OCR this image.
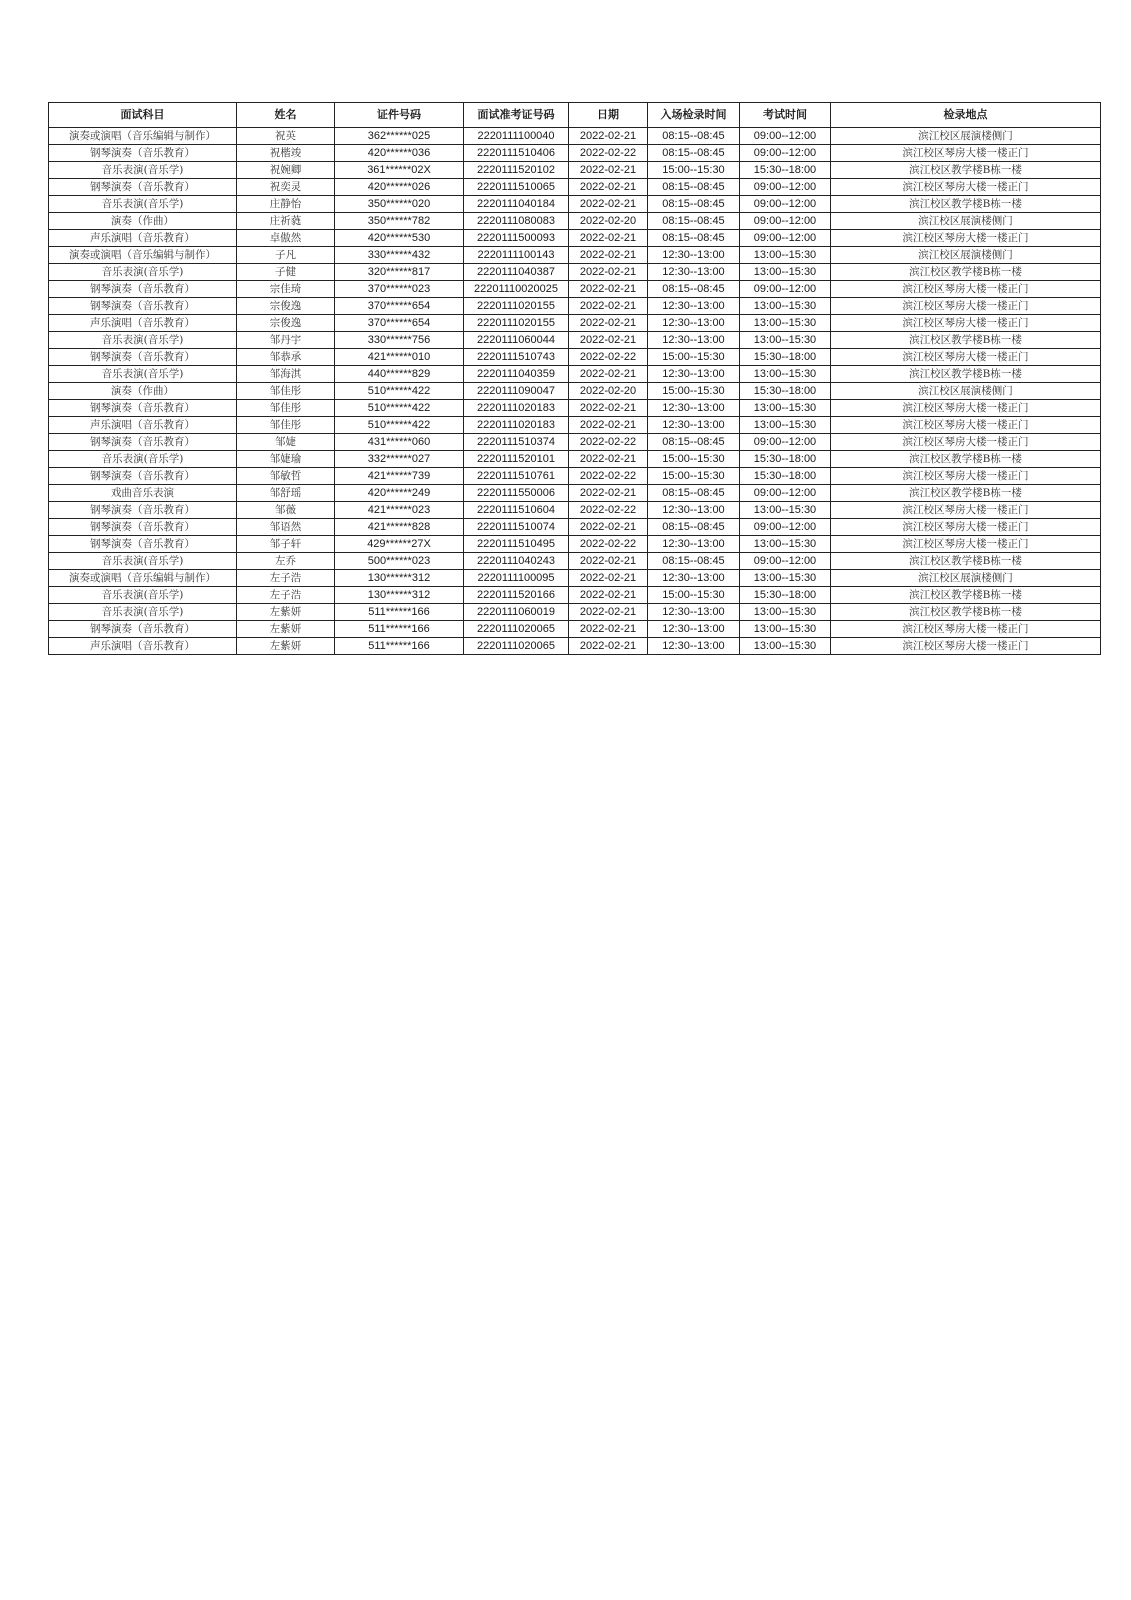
面试科目	姓名	证件号码	面试准考证号码	日期	入场检录时间	考试时间	检录地点
演奏或演唱（音乐编辑与制作）	祝英	362******025	2220111100040	2022-02-21	08:15--08:45	09:00--12:00	滨江校区展演楼侧门
钢琴演奏（音乐教育）	祝楷竣	420******036	2220111510406	2022-02-22	08:15--08:45	09:00--12:00	滨江校区琴房大楼一楼正门
音乐表演(音乐学)	祝婉卿	361******02X	2220111520102	2022-02-21	15:00--15:30	15:30--18:00	滨江校区教学楼B栋一楼
钢琴演奏（音乐教育）	祝奕灵	420******026	2220111510065	2022-02-21	08:15--08:45	09:00--12:00	滨江校区琴房大楼一楼正门
音乐表演(音乐学)	庄静怡	350******020	2220111040184	2022-02-21	08:15--08:45	09:00--12:00	滨江校区教学楼B栋一楼
演奏（作曲）	庄祈蕤	350******782	2220111080083	2022-02-20	08:15--08:45	09:00--12:00	滨江校区展演楼侧门
声乐演唱（音乐教育）	卓傲然	420******530	2220111500093	2022-02-21	08:15--08:45	09:00--12:00	滨江校区琴房大楼一楼正门
演奏或演唱（音乐编辑与制作）	子凡	330******432	2220111100143	2022-02-21	12:30--13:00	13:00--15:30	滨江校区展演楼侧门
音乐表演(音乐学)	子健	320******817	2220111040387	2022-02-21	12:30--13:00	13:00--15:30	滨江校区教学楼B栋一楼
钢琴演奏（音乐教育）	宗佳琦	370******023	22201110020025	2022-02-21	08:15--08:45	09:00--12:00	滨江校区琴房大楼一楼正门
钢琴演奏（音乐教育）	宗俊逸	370******654	2220111020155	2022-02-21	12:30--13:00	13:00--15:30	滨江校区琴房大楼一楼正门
声乐演唱（音乐教育）	宗俊逸	370******654	2220111020155	2022-02-21	12:30--13:00	13:00--15:30	滨江校区琴房大楼一楼正门
音乐表演(音乐学)	邹丹宇	330******756	2220111060044	2022-02-21	12:30--13:00	13:00--15:30	滨江校区教学楼B栋一楼
钢琴演奏（音乐教育）	邹恭承	421******010	2220111510743	2022-02-22	15:00--15:30	15:30--18:00	滨江校区琴房大楼一楼正门
音乐表演(音乐学)	邹海淇	440******829	2220111040359	2022-02-21	12:30--13:00	13:00--15:30	滨江校区教学楼B栋一楼
演奏（作曲）	邹佳彤	510******422	2220111090047	2022-02-20	15:00--15:30	15:30--18:00	滨江校区展演楼侧门
钢琴演奏（音乐教育）	邹佳彤	510******422	2220111020183	2022-02-21	12:30--13:00	13:00--15:30	滨江校区琴房大楼一楼正门
声乐演唱（音乐教育）	邹佳彤	510******422	2220111020183	2022-02-21	12:30--13:00	13:00--15:30	滨江校区琴房大楼一楼正门
钢琴演奏（音乐教育）	邹婕	431******060	2220111510374	2022-02-22	08:15--08:45	09:00--12:00	滨江校区琴房大楼一楼正门
音乐表演(音乐学)	邹婕瑜	332******027	2220111520101	2022-02-21	15:00--15:30	15:30--18:00	滨江校区教学楼B栋一楼
钢琴演奏（音乐教育）	邹敏哲	421******739	2220111510761	2022-02-22	15:00--15:30	15:30--18:00	滨江校区琴房大楼一楼正门
戏曲音乐表演	邹舒瑶	420******249	2220111550006	2022-02-21	08:15--08:45	09:00--12:00	滨江校区教学楼B栋一楼
钢琴演奏（音乐教育）	邹薇	421******023	2220111510604	2022-02-22	12:30--13:00	13:00--15:30	滨江校区琴房大楼一楼正门
钢琴演奏（音乐教育）	邹语然	421******828	2220111510074	2022-02-21	08:15--08:45	09:00--12:00	滨江校区琴房大楼一楼正门
钢琴演奏（音乐教育）	邹子轩	429******27X	2220111510495	2022-02-22	12:30--13:00	13:00--15:30	滨江校区琴房大楼一楼正门
音乐表演(音乐学)	左乔	500******023	2220111040243	2022-02-21	08:15--08:45	09:00--12:00	滨江校区教学楼B栋一楼
演奏或演唱（音乐编辑与制作）	左子浩	130******312	2220111100095	2022-02-21	12:30--13:00	13:00--15:30	滨江校区展演楼侧门
音乐表演(音乐学)	左子浩	130******312	2220111520166	2022-02-21	15:00--15:30	15:30--18:00	滨江校区教学楼B栋一楼
音乐表演(音乐学)	左紫妍	511******166	2220111060019	2022-02-21	12:30--13:00	13:00--15:30	滨江校区教学楼B栋一楼
钢琴演奏（音乐教育）	左紫妍	511******166	2220111020065	2022-02-21	12:30--13:00	13:00--15:30	滨江校区琴房大楼一楼正门
声乐演唱（音乐教育）	左紫妍	511******166	2220111020065	2022-02-21	12:30--13:00	13:00--15:30	滨江校区琴房大楼一楼正门
